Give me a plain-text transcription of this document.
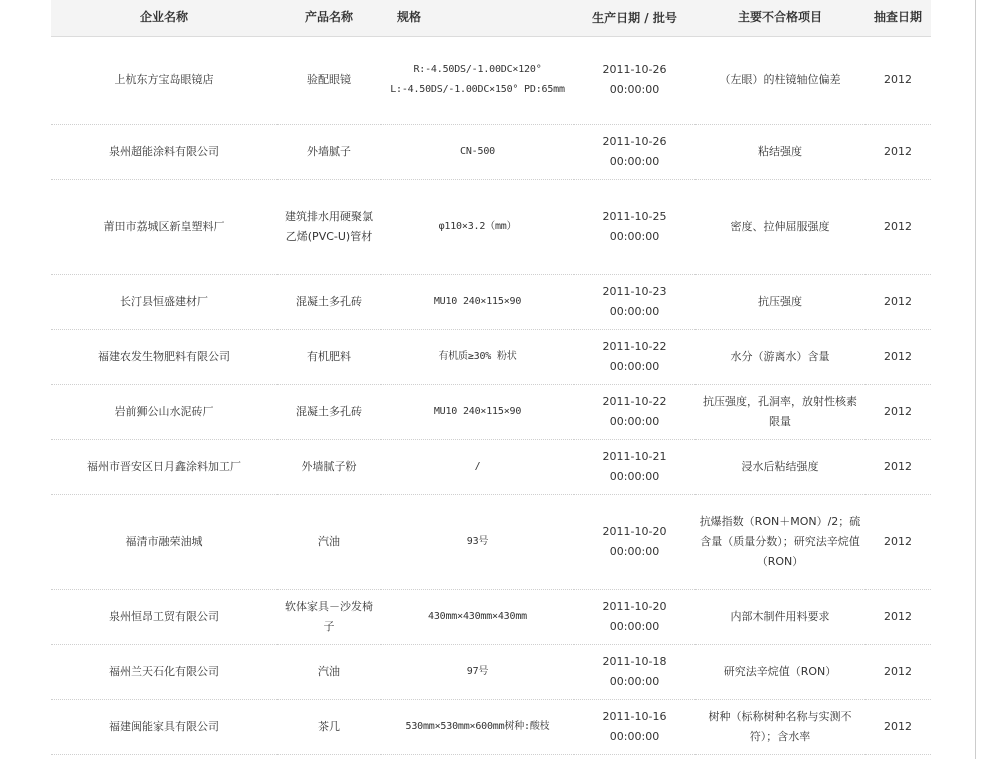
企业名称	产品名称	规格	生产日期 / 批号	主要不合格项目	抽查日期
上杭东方宝岛眼镜店	验配眼镜	R:-4.50DS/-1.00DC×120° L:-4.50DS/-1.00DC×150° PD:65mm	2011-10-26 00:00:00	（左眼）的柱镜轴位偏差	2012
泉州超能涂料有限公司	外墙腻子	CN-500	2011-10-26 00:00:00	粘结强度	2012
莆田市荔城区新皇塑料厂	建筑排水用硬聚氯乙烯(PVC-U)管材	φ110×3.2（mm）	2011-10-25 00:00:00	密度、拉伸屈服强度	2012
长汀县恒盛建材厂	混凝土多孔砖	MU10 240×115×90	2011-10-23 00:00:00	抗压强度	2012
福建农发生物肥料有限公司	有机肥料	有机质≥30% 粉状	2011-10-22 00:00:00	水分（游离水）含量	2012
岩前狮公山水泥砖厂	混凝土多孔砖	MU10 240×115×90	2011-10-22 00:00:00	抗压强度，孔洞率，放射性核素限量	2012
福州市晋安区日月鑫涂料加工厂	外墙腻子粉	/	2011-10-21 00:00:00	浸水后粘结强度	2012
福清市融荣油城	汽油	93号	2011-10-20 00:00:00	抗爆指数（RON＋MON）/2；硫含量（质量分数）；研究法辛烷值（RON）	2012
泉州恒昂工贸有限公司	软体家具－沙发椅子	430mm×430mm×430mm	2011-10-20 00:00:00	内部木制件用料要求	2012
福州兰天石化有限公司	汽油	97号	2011-10-18 00:00:00	研究法辛烷值（RON）	2012
福建闽能家具有限公司	茶几	530mm×530mm×600mm树种:酸枝	2011-10-16 00:00:00	树种（标称树种名称与实测不符）；含水率	2012
